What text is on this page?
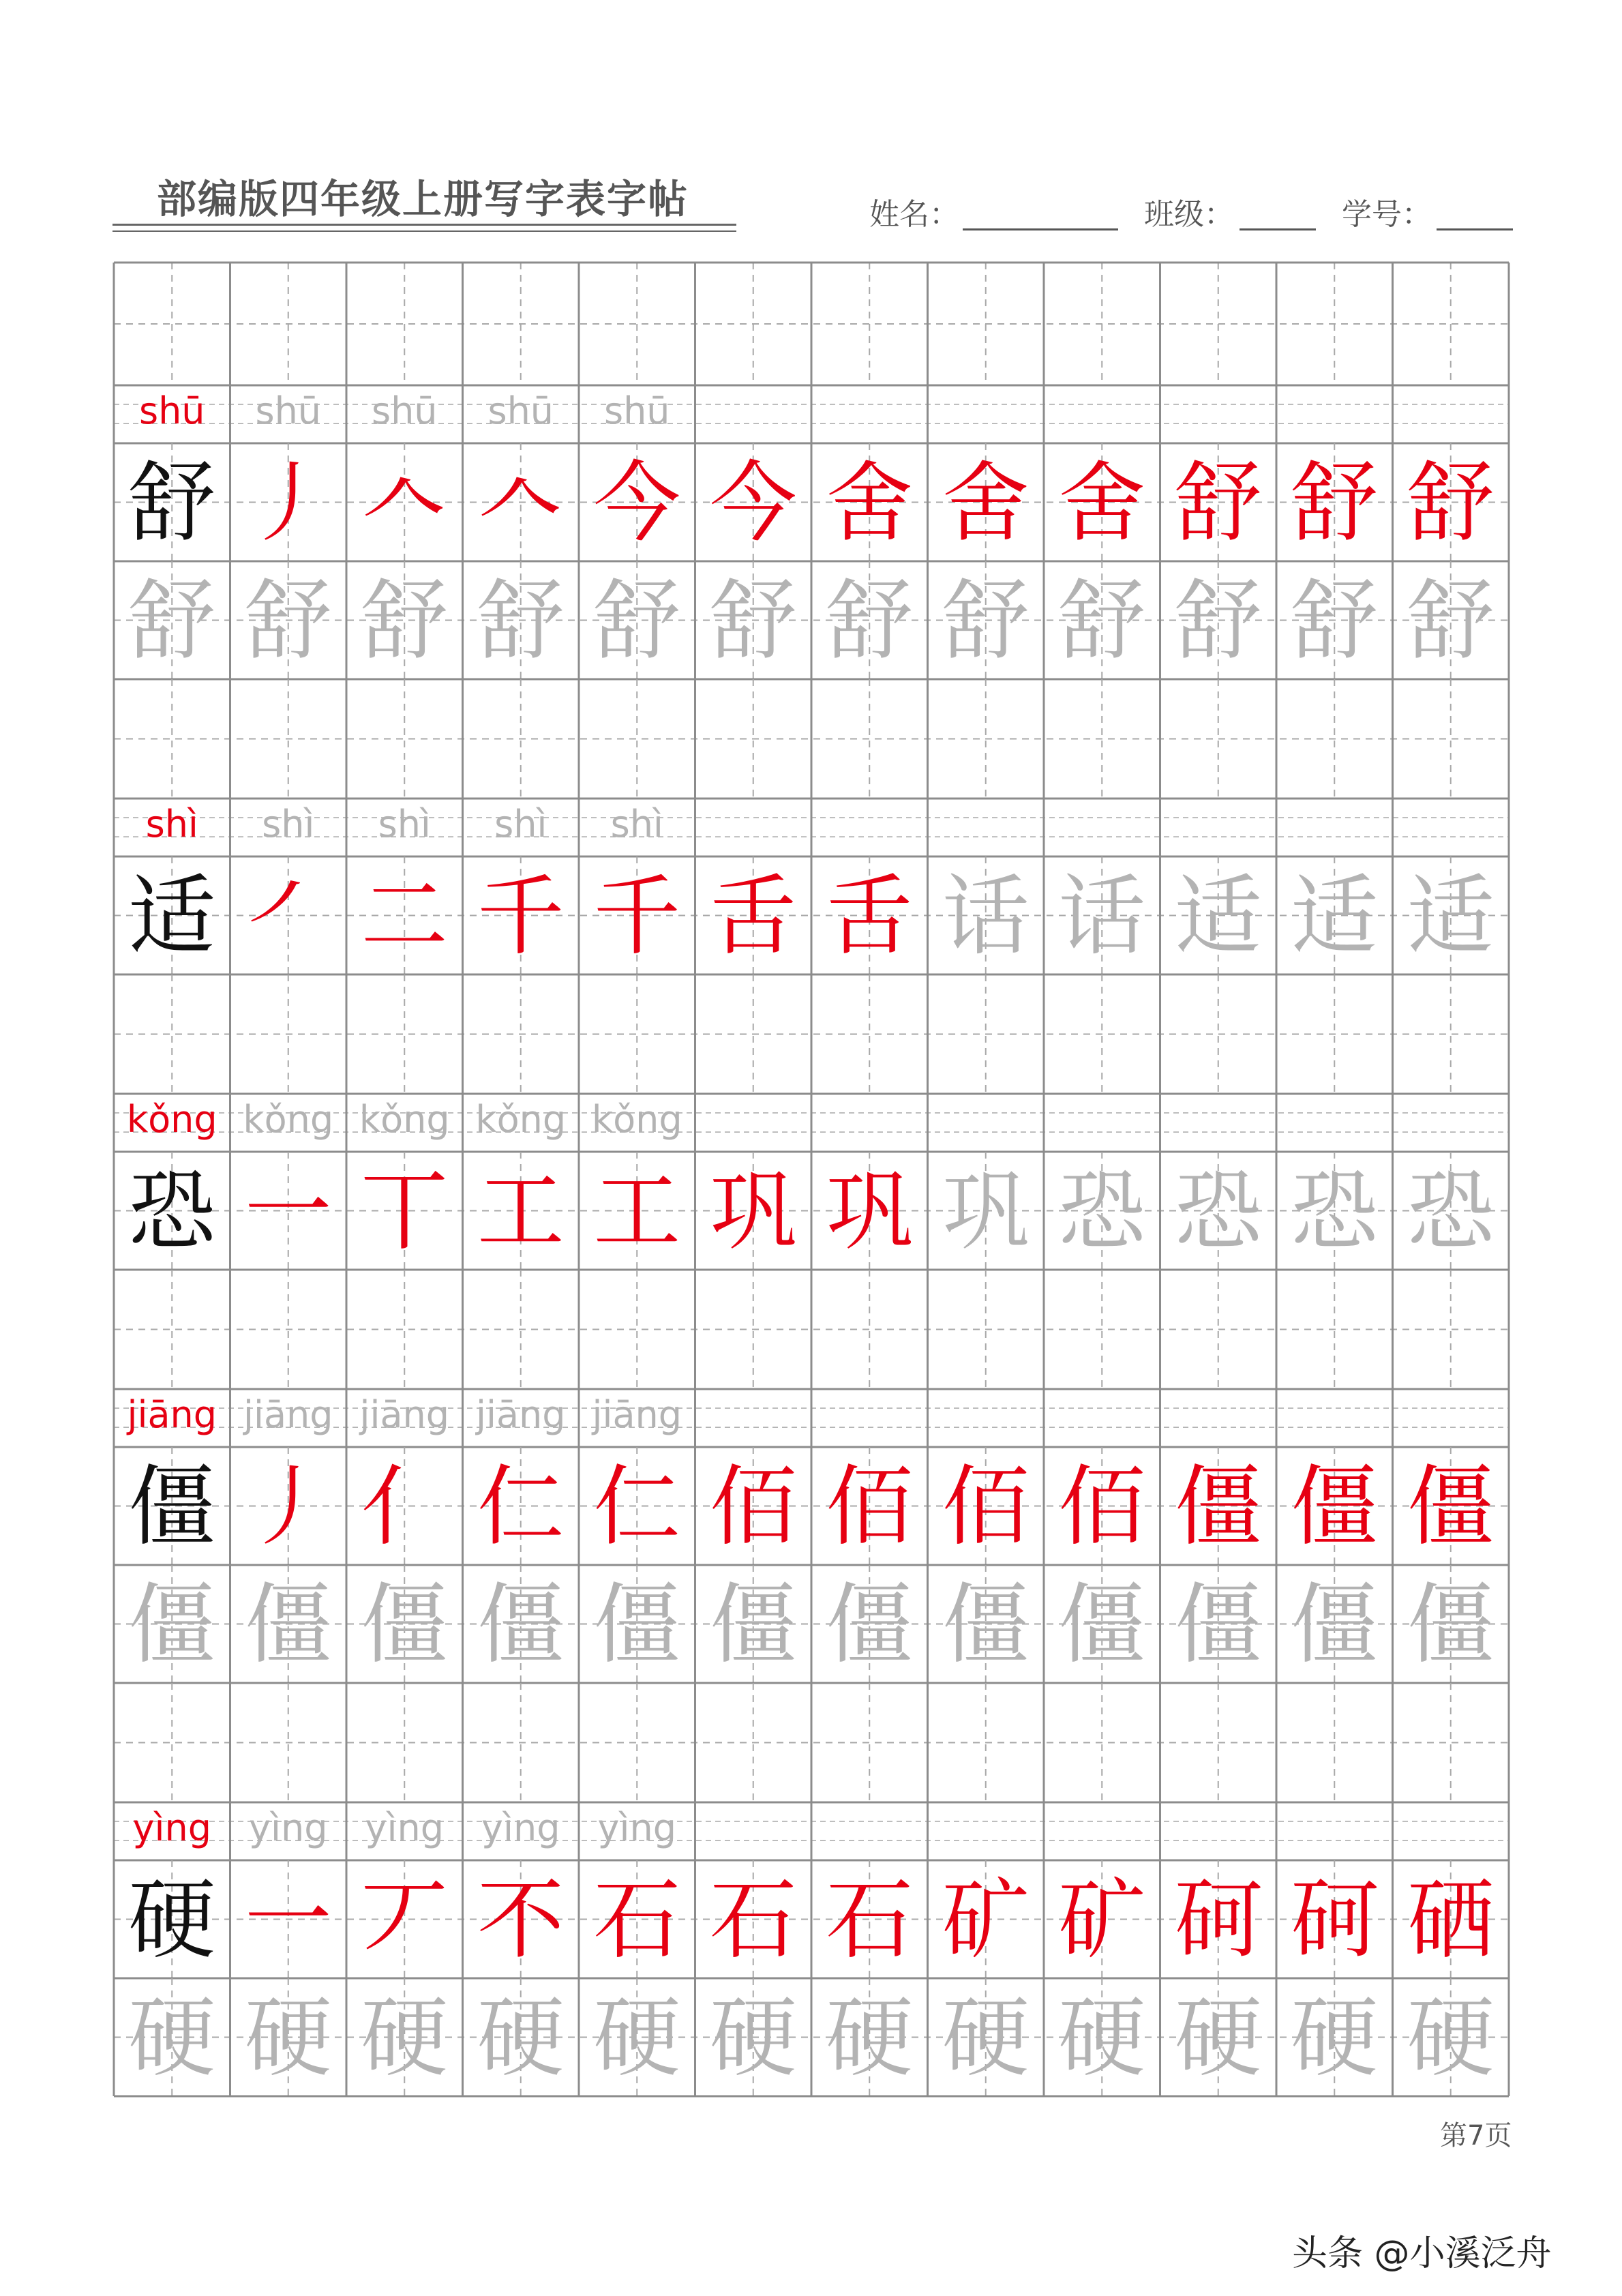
部编版四年级上册写字表字帖	姓名：	班级：	学号：
shū shū shū shū shū
舒 丿 𠆢 𠆢 今 今 舍 舍 舍 舒 舒 舒
舒 舒 舒 舒 舒 舒 舒 舒 舒 舒 舒 舒
shì shì shì shì shì
适 ㇒ 二 千 千 舌 舌 话 话 适 适 适
kǒng kǒng kǒng kǒng kǒng
恐 一 丅 工 工 巩 巩 巩 恐 恐 恐 恐
jiāng jiāng jiāng jiāng jiāng
僵 丿 亻 仁 仁 佰 佰 佰 佰 僵 僵 僵
僵 僵 僵 僵 僵 僵 僵 僵 僵 僵 僵 僵
yìng yìng yìng yìng yìng
硬 一 丆 不 石 石 石 矿 矿 砢 砢 硒
硬 硬 硬 硬 硬 硬 硬 硬 硬 硬 硬 硬
第7页
头条 @小溪泛舟
